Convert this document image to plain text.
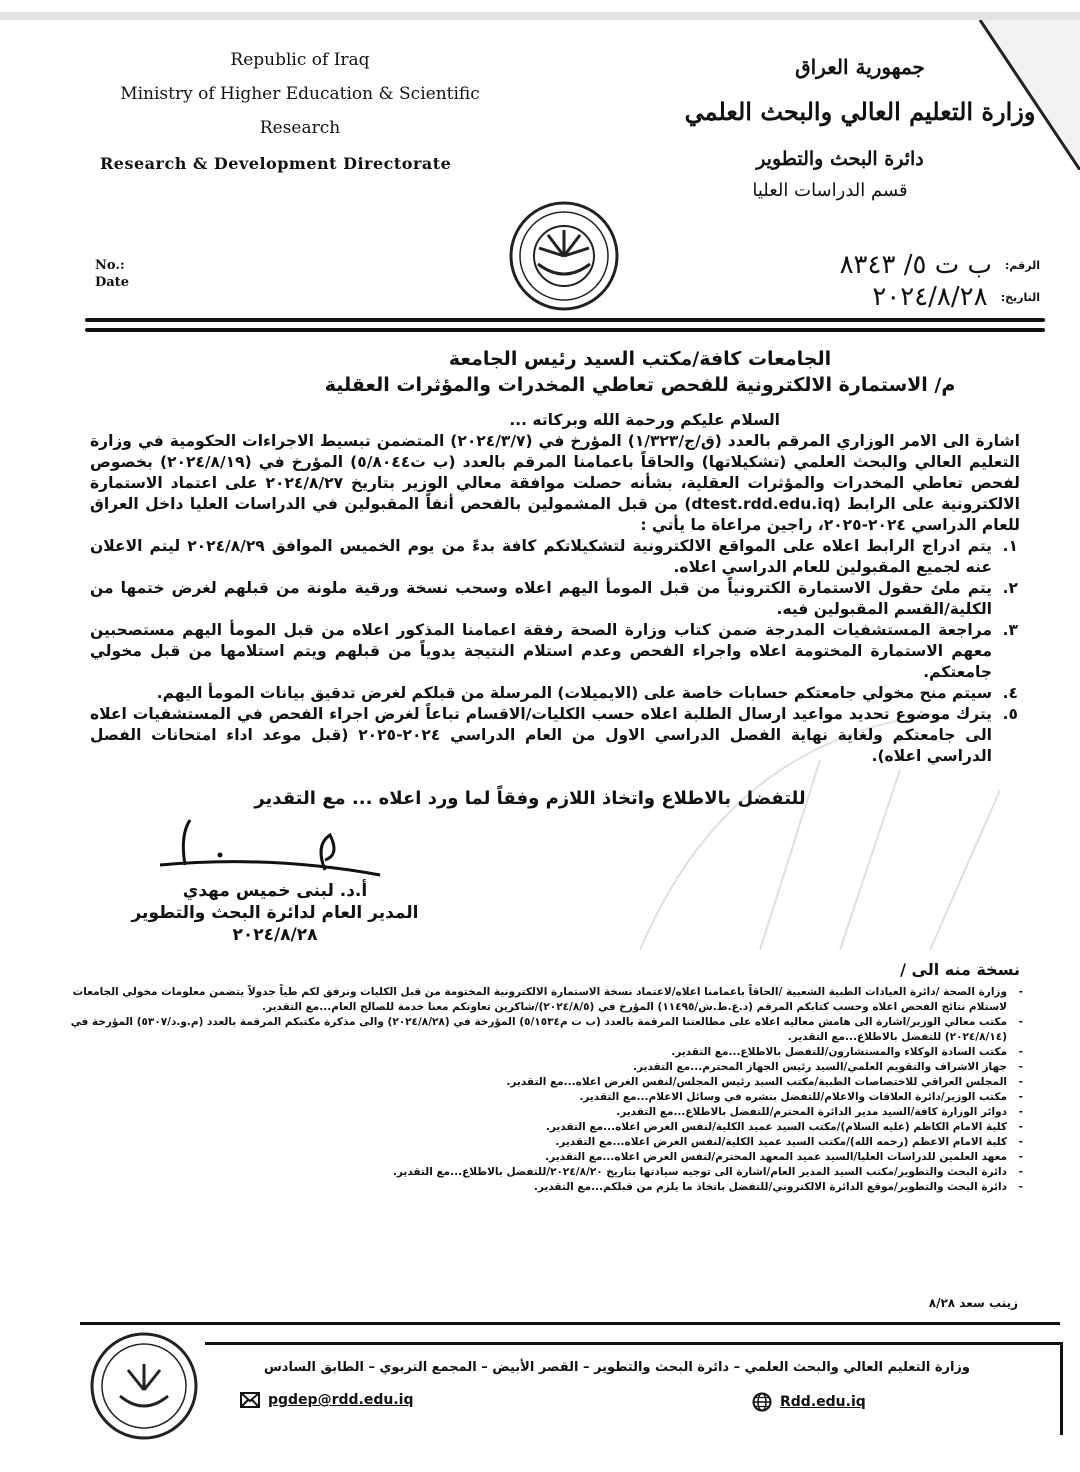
Republic of Iraq
Ministry of Higher Education & Scientific
Research
Research & Development Directorate
No.:
Date
جمهورية العراق
وزارة التعليم العالي والبحث العلمي
دائرة البحث والتطوير
قسم الدراسات العليا
الرقم: ب ت ٥/ ٨٣٤٣
التاريخ: ٢٠٢٤/٨/٢٨
الجامعات كافة/مكتب السيد رئيس الجامعة
م/ الاستمارة الالكترونية للفحص تعاطي المخدرات والمؤثرات العقلية

السلام عليكم ورحمة الله وبركاته ...

اشارة الى الامر الوزاري المرقم بالعدد (ق/ج/١/٣٢٣) المؤرخ في (٢٠٢٤/٣/٧) المتضمن تبسيط الاجراءات الحكومية في وزارة التعليم العالي والبحث العلمي (تشكيلاتها) والحاقاً باعمامنا المرقم بالعدد (ب ت٥/٨٠٤٤) المؤرخ في (٢٠٢٤/٨/١٩) بخصوص لفحص تعاطي المخدرات والمؤثرات العقلية، بشأنه حصلت موافقة معالي الوزير بتاريخ ٢٠٢٤/٨/٢٧ على اعتماد الاستمارة الالكترونية على الرابط (dtest.rdd.edu.iq) من قبل المشمولين بالفحص أنفاً المقبولين في الدراسات العليا داخل العراق للعام الدراسي ٢٠٢٤-٢٠٢٥، راجين مراعاة ما يأتي :

١.
يتم ادراج الرابط اعلاه على المواقع الالكترونية لتشكيلاتكم كافة بدءً من يوم الخميس الموافق ٢٠٢٤/٨/٢٩ ليتم الاعلان عنه لجميع المقبولين للعام الدراسي اعلاه.
٢.
يتم ملئ حقول الاستمارة الكترونياً من قبل المومأ اليهم اعلاه وسحب نسخة ورقية ملونة من قبلهم لغرض ختمها من الكلية/القسم المقبولين فيه.
٣.
مراجعة المستشفيات المدرجة ضمن كتاب وزارة الصحة رفقة اعمامنا المذكور اعلاه من قبل المومأ اليهم مستصحبين معهم الاستمارة المختومة اعلاه واجراء الفحص وعدم استلام النتيجة يدوياً من قبلهم ويتم استلامها من قبل مخولي جامعتكم.
٤.
سيتم منح مخولي جامعتكم حسابات خاصة على (الايميلات) المرسلة من قبلكم لغرض تدقيق بيانات المومأ اليهم.
٥.
يترك موضوع تحديد مواعيد ارسال الطلبة اعلاه حسب الكليات/الاقسام تباعاً لغرض اجراء الفحص في المستشفيات اعلاه الى جامعتكم ولغاية نهاية الفصل الدراسي الاول من العام الدراسي ٢٠٢٤-٢٠٢٥ (قبل موعد اداء امتحانات الفصل الدراسي اعلاه).
للتفضل بالاطلاع واتخاذ اللازم وفقاً لما ورد اعلاه ... مع التقدير
أ.د. لبنى خميس مهدي
المدير العام لدائرة البحث والتطوير
٢٠٢٤/٨/٢٨
نسخة منه الى /
- وزارة الصحة /دائرة العيادات الطبية الشعبية /الحاقاً باعمامنا اعلاه/لاعتماد نسخة الاستمارة الالكترونية المختومة من قبل الكليات ونرفق لكم طياً جدولاً يتضمن معلومات مخولي الجامعات لاستلام نتائج الفحص اعلاه وحسب كتابكم المرقم (د.ع.ط.ش/١١٤٩٥) المؤرخ في (٢٠٢٤/٨/٥)/شاكرين تعاونكم معنا خدمة للصالح العام...مع التقدير.
- مكتب معالي الوزير/اشارة الى هامش معاليه اعلاه على مطالعتنا المرقمة بالعدد (ب ت م٥/١٥٣٤) المؤرخة في (٢٠٢٤/٨/٢٨) والى مذكرة مكتبكم المرقمة بالعدد (م.و.د/٥٣٠٧) المؤرخة في (٢٠٢٤/٨/١٤) للتفضل بالاطلاع...مع التقدير.
- مكتب السادة الوكلاء والمستشارون/للتفضل بالاطلاع...مع التقدير.
- جهاز الاشراف والتقويم العلمي/السيد رئيس الجهاز المحترم...مع التقدير.
- المجلس العراقي للاختصاصات الطبية/مكتب السيد رئيس المجلس/لنفس الغرض اعلاه...مع التقدير.
- مكتب الوزير/دائرة العلاقات والاعلام/للتفضل بنشره في وسائل الاعلام...مع التقدير.
- دوائر الوزارة كافة/السيد مدير الدائرة المحترم/للتفضل بالاطلاع...مع التقدير.
- كلية الامام الكاظم (عليه السلام)/مكتب السيد عميد الكلية/لنفس الغرض اعلاه...مع التقدير.
- كلية الامام الاعظم (رحمه الله)/مكتب السيد عميد الكلية/لنفس الغرض اعلاه...مع التقدير.
- معهد العلمين للدراسات العليا/السيد عميد المعهد المحترم/لنفس الغرض اعلاه...مع التقدير.
- دائرة البحث والتطوير/مكتب السيد المدير العام/اشارة الى توجيه سيادتها بتاريخ ٢٠٢٤/٨/٢٠/للتفضل بالاطلاع...مع التقدير.
- دائرة البحث والتطوير/موقع الدائرة الالكتروني/للتفضل باتخاذ ما يلزم من قبلكم...مع التقدير.
زينب سعد ٨/٢٨
وزارة التعليم العالي والبحث العلمي – دائرة البحث والتطوير – القصر الأبيض – المجمع التربوي – الطابق السادس
pgdep@rdd.edu.iq	Rdd.edu.iq
